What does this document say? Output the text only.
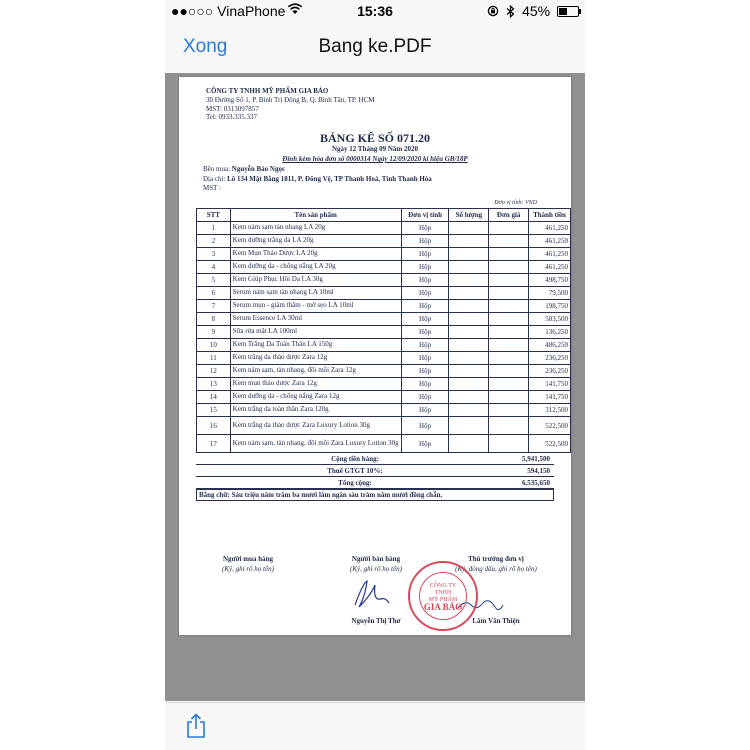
●●○○○ VinaPhone	15:36	45%
Xong	Bang ke.PDF
CÔNG TY TNHH MỸ PHẨM GIA BẢO
30 Đường Số 1, P. Bình Trị Đông B, Q. Bình Tân, TP. HCM
MST: 0313097857
Tel: 0933.335.337
BẢNG KÊ SỐ 071.20
Ngày 12 Tháng 09 Năm 2020
Đính kèm hóa đơn số 0000314 Ngày 12/09/2020 kí hiệu GB/18P
Bên mua: Nguyễn Bảo Ngọc
Địa chỉ: Lô 134 Mặt Bằng 1811, P. Đông Vệ, TP Thanh Hoá, Tỉnh Thanh Hóa
MST :
Đơn vị tính: VND
STT	Tên sản phẩm	Đơn vị tính	Số lượng	Đơn giá	Thành tiền
1	Kem nám sạm tàn nhang LA 20g	Hộp			461,250
2	Kem dưỡng trắng da LA 20g	Hộp			461,250
3	Kem Mụn Thảo Dược LA 20g	Hộp			461,250
4	Kem dưỡng da - chống nắng LA 20g	Hộp			461,250
5	Kem Giúp Phục Hồi Da LA 30g	Hộp			498,750
6	Serum nám sạm tàn nhang LA 10ml	Hộp			79,500
7	Serum mụn - giảm thâm - mờ sẹo LA 10ml	Hộp			198,750
8	Serum Essence LA 30ml	Hộp			583,500
9	Sữa rửa mặt LA 100ml	Hộp			136,250
10	Kem Trắng Da Toàn Thân LA 150g	Hộp			486,250
11	Kem trắng da thảo dược Zara 12g	Hộp			236,250
12	Kem nám sạm, tàn nhang, đồi mồi Zara 12g	Hộp			236,250
13	Kem mụn thảo dược Zara 12g	Hộp			141,750
14	Kem dưỡng da - chống nắng Zara 12g	Hộp			141,750
15	Kem trắng da toàn thân Zara 120g	Hộp			312,500
16	Kem trắng da thảo dược Zara Luxury Lotion 30g	Hộp			522,500
17	Kem nám sạm, tàn nhang, đồi mồi Zara Luxury Lotion 30g	Hộp			522,500
Cộng tiền hàng:	5,941,500
Thuế GTGT 10%:	594,150
Tổng cộng:	6,535,650
Bằng chữ: Sáu triệu năm trăm ba mươi lăm ngàn sáu trăm năm mươi đồng chẵn.
Người mua hàng
(Ký, ghi rõ họ tên)
Người bán hàng
(Ký, ghi rõ họ tên)
Nguyễn Thị Thơ
Thủ trưởng đơn vị
(Ký, đóng dấu, ghi rõ họ tên)
Lâm Văn Thiện
CÔNG TY
TNHH
MỸ PHẨM
GIA BẢO
